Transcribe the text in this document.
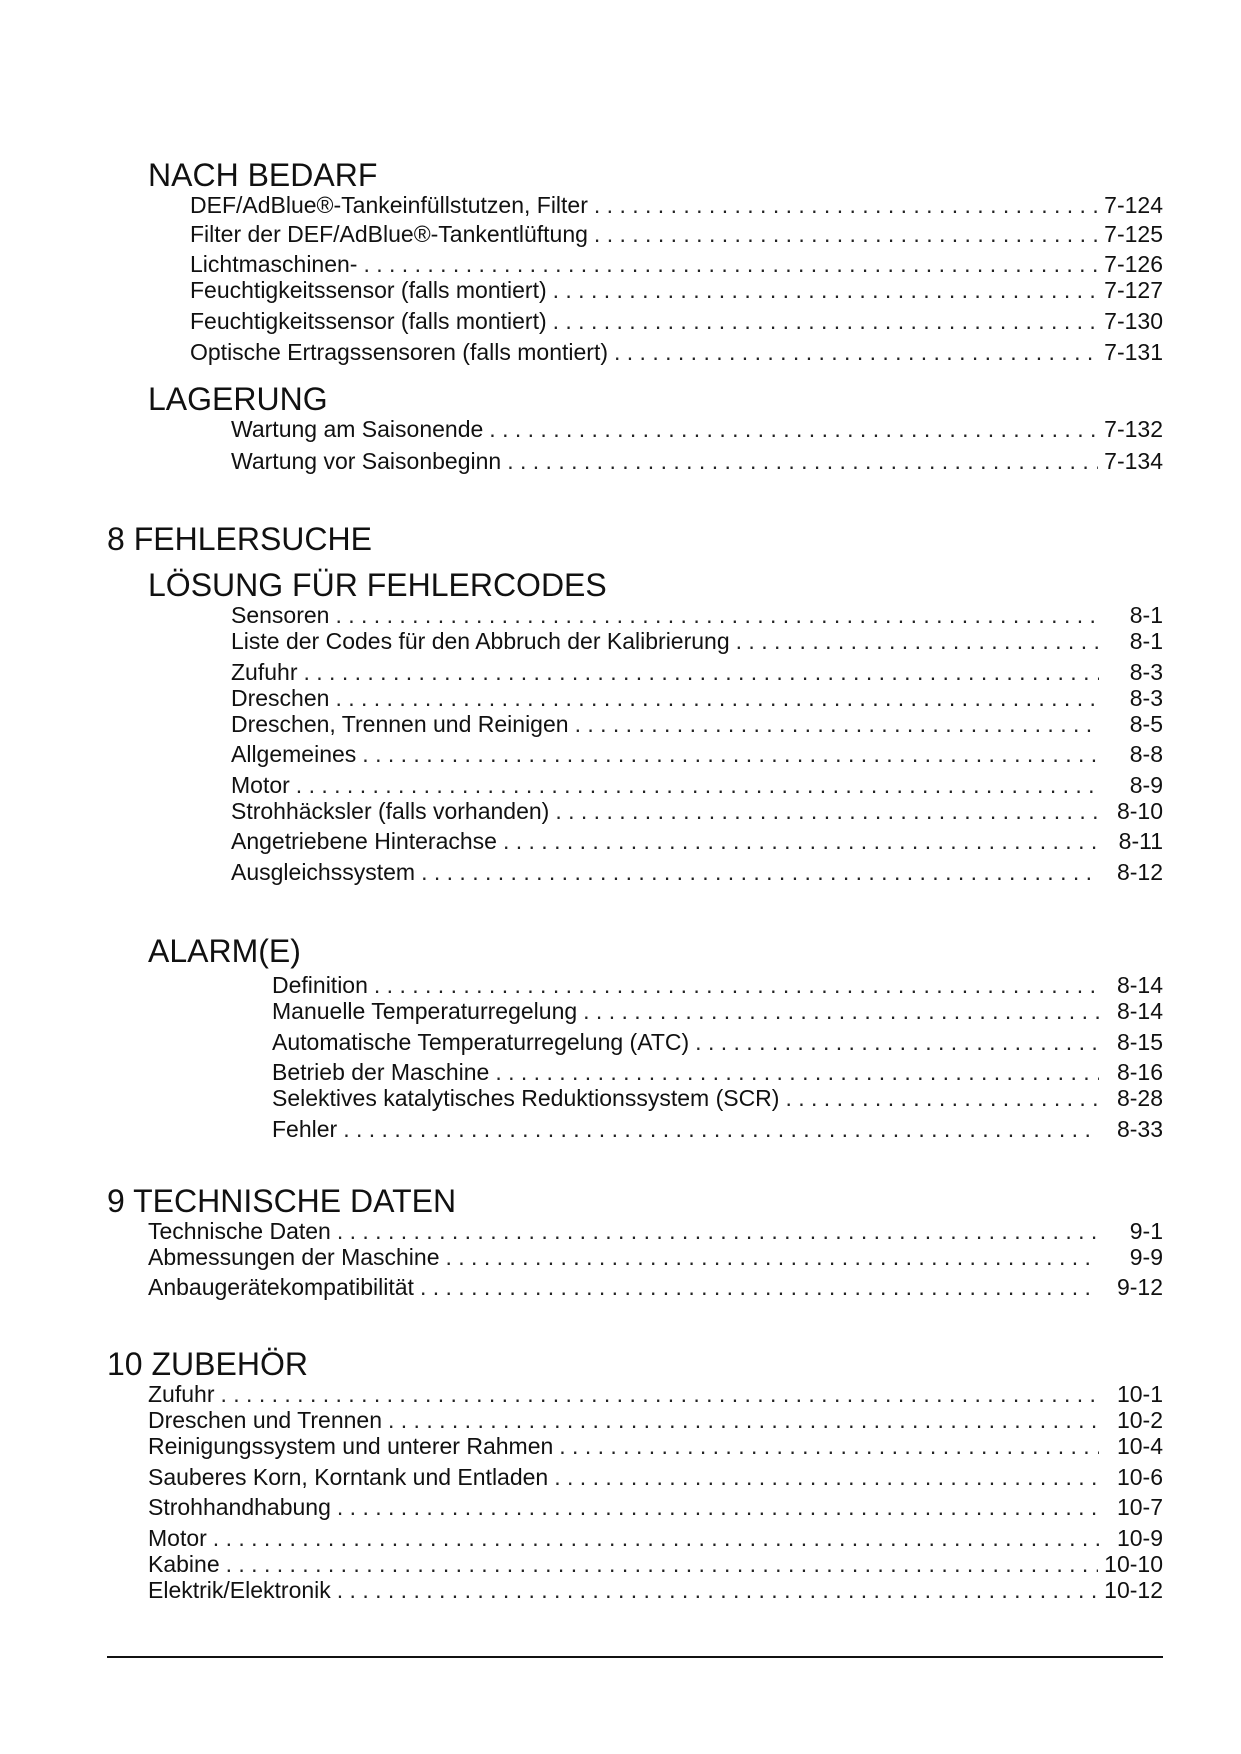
NACH BEDARF
DEF/AdBlue®-Tankeinfüllstutzen, Filter . . .	7-124
Filter der DEF/AdBlue®-Tankentlüftung . . .	7-125
Lichtmaschinen- . . .	7-126
Feuchtigkeitssensor (falls montiert) . . .	7-127
Feuchtigkeitssensor (falls montiert) . . .	7-130
Optische Ertragssensoren (falls montiert) . . .	7-131
LAGERUNG
Wartung am Saisonende . . .	7-132
Wartung vor Saisonbeginn . . .	7-134
8 FEHLERSUCHE
LÖSUNG FÜR FEHLERCODES
Sensoren . . .	8-1
Liste der Codes für den Abbruch der Kalibrierung . . .	8-1
Zufuhr . . .	8-3
Dreschen . . .	8-3
Dreschen, Trennen und Reinigen . . .	8-5
Allgemeines . . .	8-8
Motor . . .	8-9
Strohhäcksler (falls vorhanden) . . .	8-10
Angetriebene Hinterachse . . .	8-11
Ausgleichssystem . . .	8-12
ALARM(E)
Definition . . .	8-14
Manuelle Temperaturregelung . . .	8-14
Automatische Temperaturregelung (ATC) . . .	8-15
Betrieb der Maschine . . .	8-16
Selektives katalytisches Reduktionssystem (SCR) . . .	8-28
Fehler . . .	8-33
9 TECHNISCHE DATEN
Technische Daten . . .	9-1
Abmessungen der Maschine . . .	9-9
Anbaugerätekompatibilität . . .	9-12
10 ZUBEHÖR
Zufuhr . . .	10-1
Dreschen und Trennen . . .	10-2
Reinigungssystem und unterer Rahmen . . .	10-4
Sauberes Korn, Korntank und Entladen . . .	10-6
Strohhandhabung . . .	10-7
Motor . . .	10-9
Kabine . . .	10-10
Elektrik/Elektronik . . .	10-12
